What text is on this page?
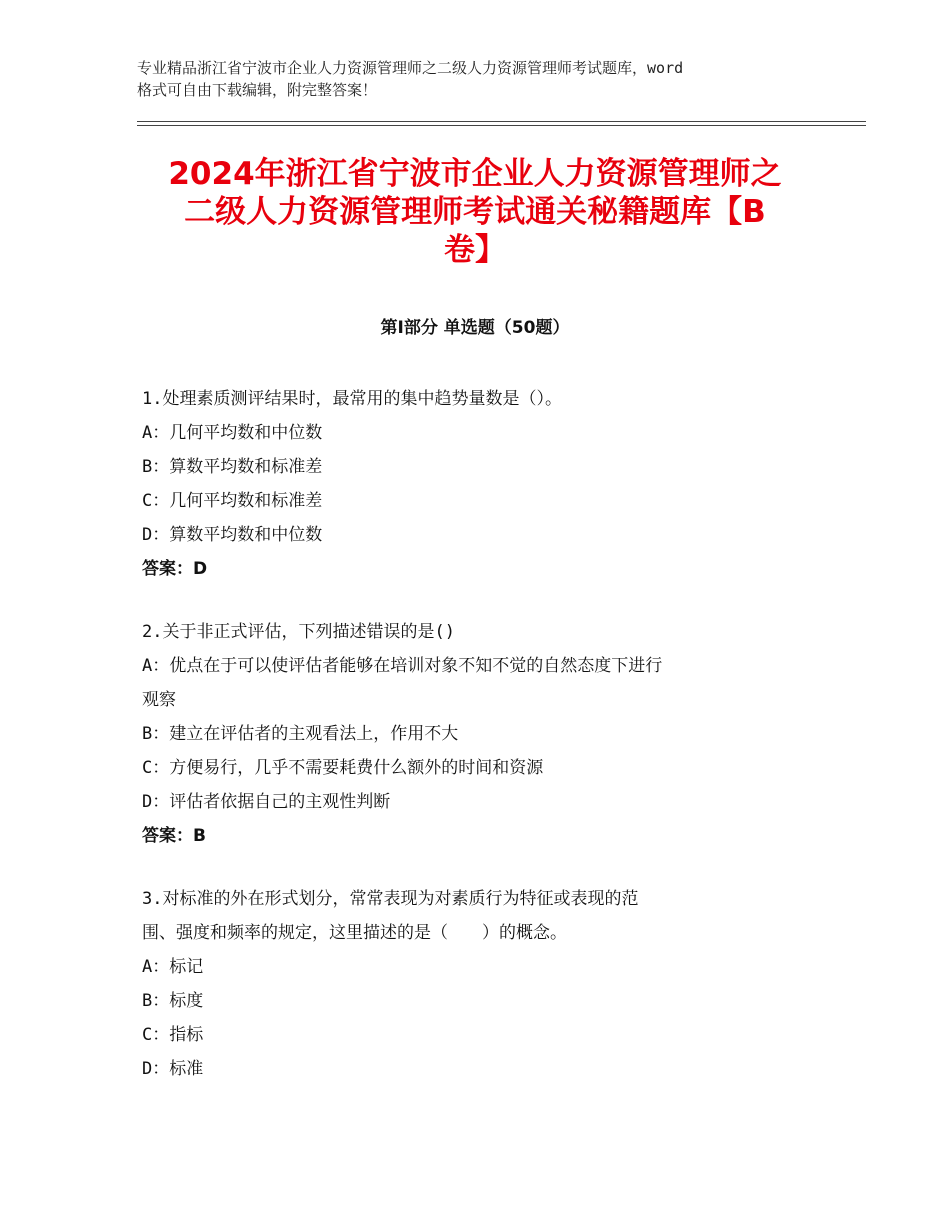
专业精品浙江省宁波市企业人力资源管理师之二级人力资源管理师考试题库，word
格式可自由下载编辑，附完整答案！
2024年浙江省宁波市企业人力资源管理师之
二级人力资源管理师考试通关秘籍题库【B
卷】
第Ⅰ部分 单选题（50题）
1.处理素质测评结果时，最常用的集中趋势量数是（）。
A：几何平均数和中位数
B：算数平均数和标准差
C：几何平均数和标准差
D：算数平均数和中位数
答案：D
2.关于非正式评估，下列描述错误的是()
A：优点在于可以使评估者能够在培训对象不知不觉的自然态度下进行
观察
B：建立在评估者的主观看法上，作用不大
C：方便易行，几乎不需要耗费什么额外的时间和资源
D：评估者依据自己的主观性判断
答案：B
3.对标准的外在形式划分，常常表现为对素质行为特征或表现的范
围、强度和频率的规定，这里描述的是（　　）的概念。
A：标记
B：标度
C：指标
D：标准
